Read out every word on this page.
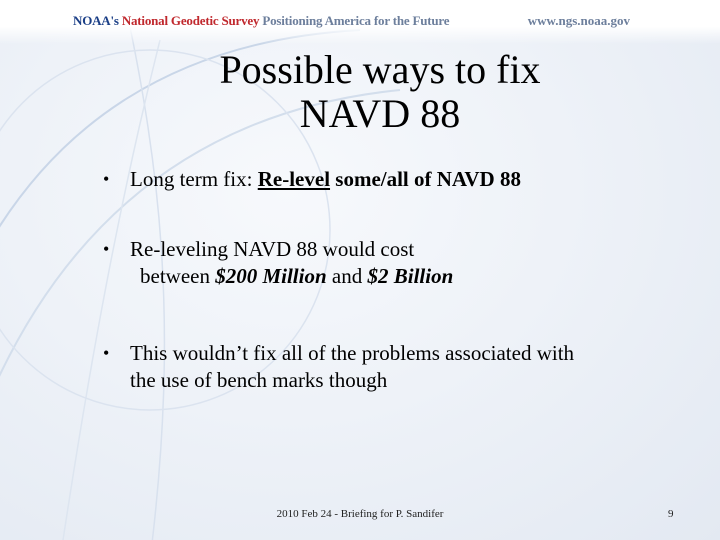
NOAA's National Geodetic Survey Positioning America for the Future	www.ngs.noaa.gov
Possible ways to fix
NAVD 88
• Long term fix: Re-level some/all of NAVD 88
• Re-leveling NAVD 88 would cost
between $200 Million and $2 Billion
• This wouldn’t fix all of the problems associated with
the use of bench marks though
2010 Feb 24 - Briefing for P. Sandifer	9
